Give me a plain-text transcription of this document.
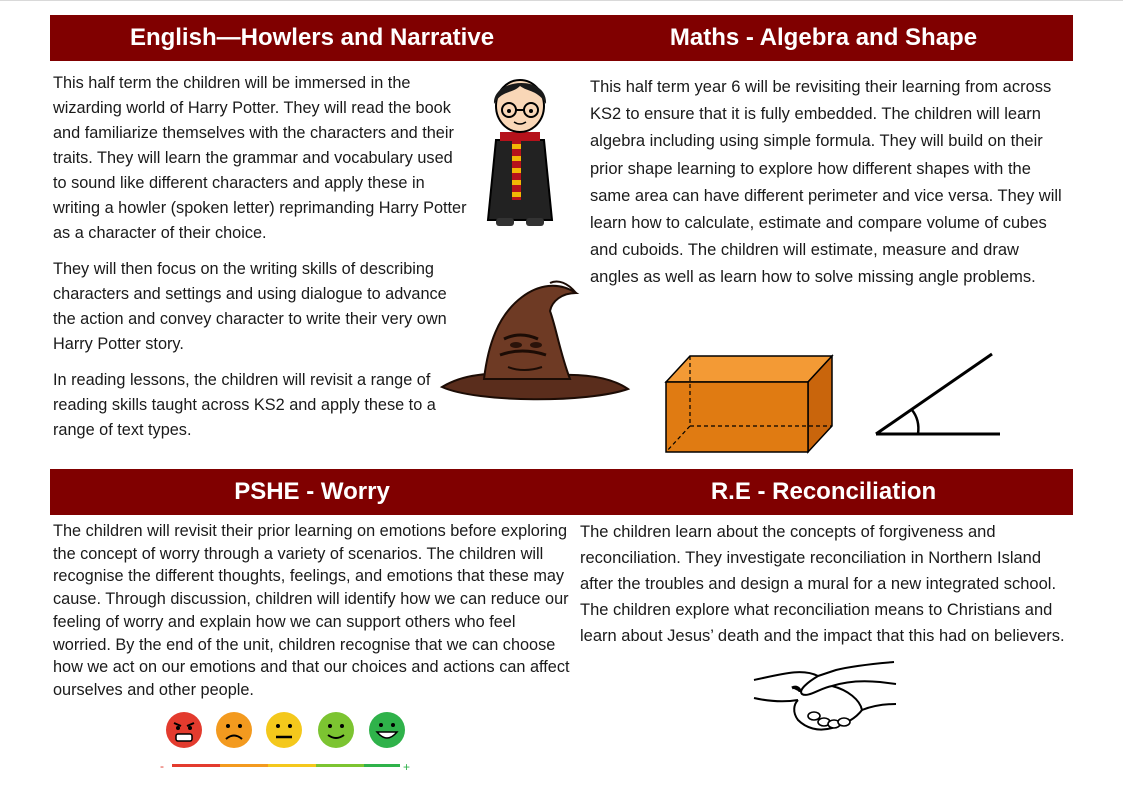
English—Howlers and Narrative

This half term the children will be immersed in the wizarding world of Harry Potter. They will read the book and familiarize themselves with the characters and their traits. They will learn the grammar and vocabulary used to sound like different characters and apply these in writing a howler (spoken letter) reprimanding Harry Potter as a character of their choice.

They will then focus on the writing skills of describing characters and settings and using dialogue to advance the action and convey character to write their very own Harry Potter story.

In reading lessons, the children will revisit a range of reading skills taught across KS2 and apply these to a range of text types.

Maths - Algebra and Shape
This half term year 6 will be revisiting their learning from across KS2 to ensure that it is fully embedded. The children will learn algebra including using simple formula. They will build on their prior shape learning to explore how different shapes with the same area can have different perimeter and vice versa. They will learn how to calculate, estimate and compare volume of cubes and cuboids. The children will estimate, measure and draw angles as well as learn how to solve missing angle problems.
PSHE - Worry
The children will revisit their prior learning on emotions before exploring the concept of worry through a variety of scenarios. The children will recognise the different thoughts, feelings, and emotions that these may cause. Through discussion, children will identify how we can reduce our feeling of worry and explain how we can support others who feel worried. By the end of the unit, children recognise that we can choose how we act on our emotions and that our choices and actions can affect ourselves and other people.
-	+
R.E - Reconciliation
The children learn about the concepts of forgiveness and reconciliation. They investigate reconciliation in Northern Island after the troubles and design a mural for a new integrated school. The children explore what reconciliation means to Christians and learn about Jesus’ death and the impact that this had on believers.
